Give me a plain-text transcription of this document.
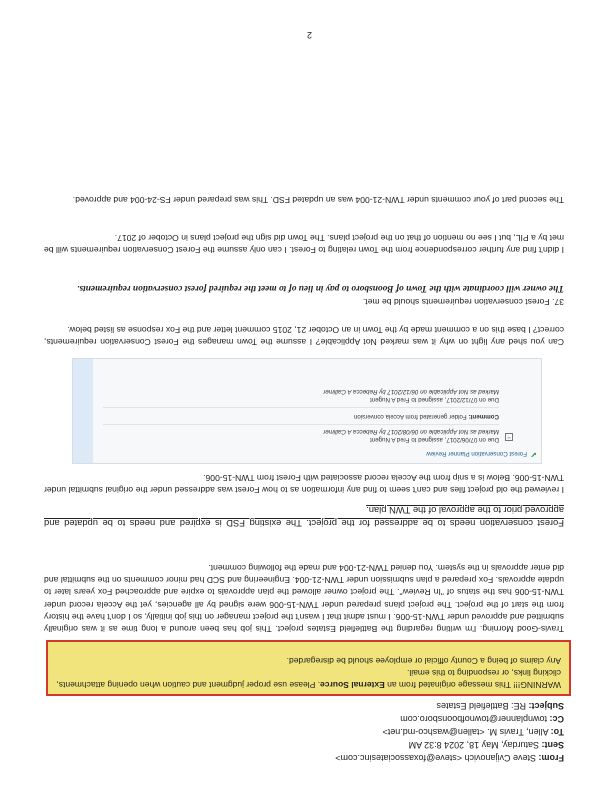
From: Steve Cvijanovich <steve@foxassociatesinc.com>
Sent: Saturday, May 18, 2024 8:32 AM
WARNING!!! This message originated from an External Source. Please use proper judgment and caution when opening attachments, clicking links, or responding to this email.
Any claims of being a County official or employee should be disregarded.
To: Allen, Travis M. <tallen@washco-md.net>
Travis-Good Morning. I'm writing regarding the Battlefield Estates project. This job has been around a long time as it was originally submitted and approved under TWN-15-006. I must admit that I wasn't the project manager on this job initially, so I don't have the history from the start of the project. The project plans prepared under TWN-15-006 were signed by all agencies, yet the Accela record under TWN-15-006 has the status of "In Review". The project owner allowed the plan approvals to expire and approached Fox years later to update approvals. Fox prepared a plan submission under TWN-21-004. Engineering and SCD had minor comments on the submittal and did enter approvals in the system. You denied TWN-21-004 and made the following comment.
Forest conservation needs to be addressed for the project. The existing FSD is expired and needs to be updated and approved prior to the approval of the TWN plan.
I reviewed the old project files and can't seem to find any information as to how Forest was addressed under the original submittal under TWN-15-006. Below is a snip from the Accela record associated with Forest from TWN-15-006.
✔
Forest Conservation Planner Review
−
Due on 07/06/2017, assigned to Fred A Nugent
Marked as Not Applicable on 06/08/2017 by Rebecca A Callimer
Comment: Folder generated from Accela conversion
Due on 07/12/2017, assigned to Fred A Nugent
Marked as Not Applicable on 06/12/2017 by Rebecca A Callimer
Can you shed any light on why it was marked Not Applicable? I assume the Town manages the Forest Conservation requirements, correct? I base this on a comment made by the Town in an October 21, 2015 comment letter and the Fox response as listed below.
37. Forest conservation requirements should be met.
The owner will coordinate with the Town of Boonsboro to pay in lieu of to meet the required forest conservation requirements.
I didn't find any further correspondence from the Town relating to Forest. I can only assume the Forest Conservation requirements will be met by a PIL, but I see no mention of that on the project plans. The Town did sign the project plans in October of 2017.
The second part of your comments under TWN-21-004 was an updated FSD. This was prepared under FS-24-004 and approved.
2
Cc: townplanner@townofboonsboro.com
Subject: RE: Battlefield Estates
